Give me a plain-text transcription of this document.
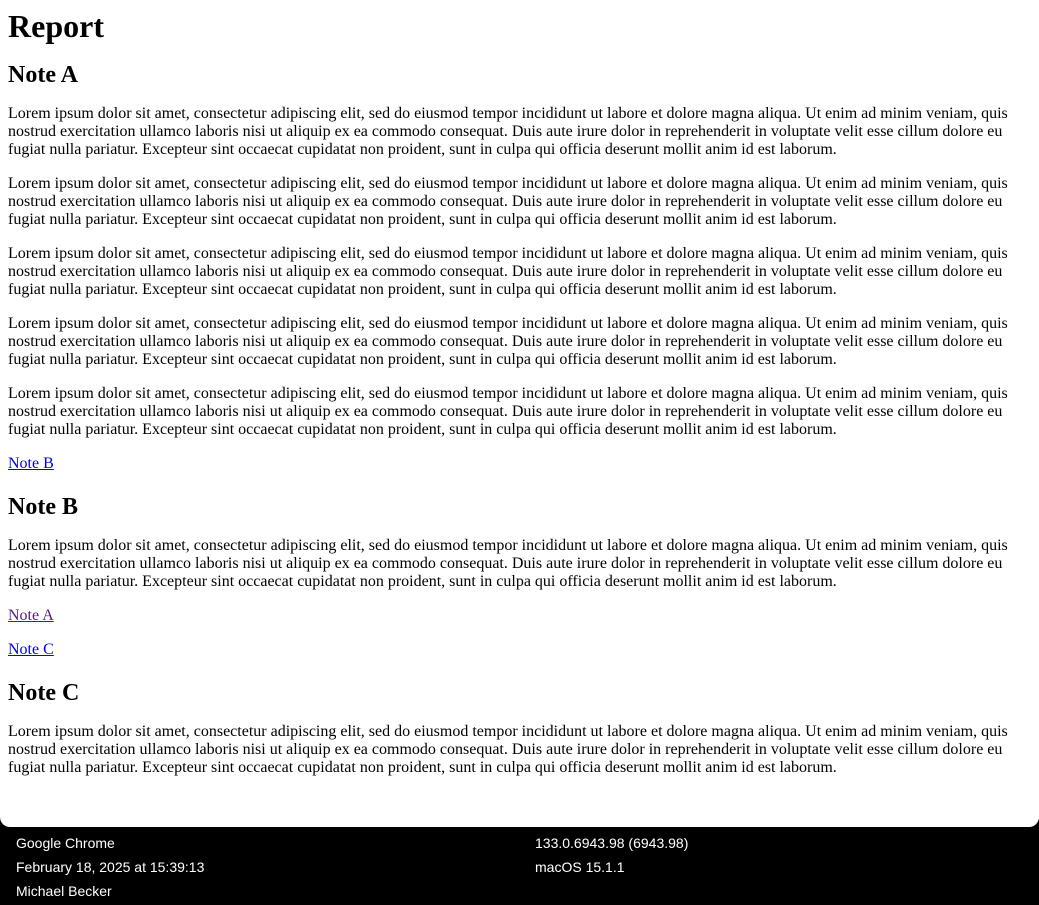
Report
Note A

Lorem ipsum dolor sit amet, consectetur adipiscing elit, sed do eiusmod tempor incididunt ut labore et dolore magna aliqua. Ut enim ad minim veniam, quis nostrud exercitation ullamco laboris nisi ut aliquip ex ea commodo consequat. Duis aute irure dolor in reprehenderit in voluptate velit esse cillum dolore eu fugiat nulla pariatur. Excepteur sint occaecat cupidatat non proident, sunt in culpa qui officia deserunt mollit anim id est laborum.

Lorem ipsum dolor sit amet, consectetur adipiscing elit, sed do eiusmod tempor incididunt ut labore et dolore magna aliqua. Ut enim ad minim veniam, quis nostrud exercitation ullamco laboris nisi ut aliquip ex ea commodo consequat. Duis aute irure dolor in reprehenderit in voluptate velit esse cillum dolore eu fugiat nulla pariatur. Excepteur sint occaecat cupidatat non proident, sunt in culpa qui officia deserunt mollit anim id est laborum.

Lorem ipsum dolor sit amet, consectetur adipiscing elit, sed do eiusmod tempor incididunt ut labore et dolore magna aliqua. Ut enim ad minim veniam, quis nostrud exercitation ullamco laboris nisi ut aliquip ex ea commodo consequat. Duis aute irure dolor in reprehenderit in voluptate velit esse cillum dolore eu fugiat nulla pariatur. Excepteur sint occaecat cupidatat non proident, sunt in culpa qui officia deserunt mollit anim id est laborum.

Lorem ipsum dolor sit amet, consectetur adipiscing elit, sed do eiusmod tempor incididunt ut labore et dolore magna aliqua. Ut enim ad minim veniam, quis nostrud exercitation ullamco laboris nisi ut aliquip ex ea commodo consequat. Duis aute irure dolor in reprehenderit in voluptate velit esse cillum dolore eu fugiat nulla pariatur. Excepteur sint occaecat cupidatat non proident, sunt in culpa qui officia deserunt mollit anim id est laborum.

Lorem ipsum dolor sit amet, consectetur adipiscing elit, sed do eiusmod tempor incididunt ut labore et dolore magna aliqua. Ut enim ad minim veniam, quis nostrud exercitation ullamco laboris nisi ut aliquip ex ea commodo consequat. Duis aute irure dolor in reprehenderit in voluptate velit esse cillum dolore eu fugiat nulla pariatur. Excepteur sint occaecat cupidatat non proident, sunt in culpa qui officia deserunt mollit anim id est laborum.

Note B

Note B

Lorem ipsum dolor sit amet, consectetur adipiscing elit, sed do eiusmod tempor incididunt ut labore et dolore magna aliqua. Ut enim ad minim veniam, quis nostrud exercitation ullamco laboris nisi ut aliquip ex ea commodo consequat. Duis aute irure dolor in reprehenderit in voluptate velit esse cillum dolore eu fugiat nulla pariatur. Excepteur sint occaecat cupidatat non proident, sunt in culpa qui officia deserunt mollit anim id est laborum.

Note A

Note C

Note C

Lorem ipsum dolor sit amet, consectetur adipiscing elit, sed do eiusmod tempor incididunt ut labore et dolore magna aliqua. Ut enim ad minim veniam, quis nostrud exercitation ullamco laboris nisi ut aliquip ex ea commodo consequat. Duis aute irure dolor in reprehenderit in voluptate velit esse cillum dolore eu fugiat nulla pariatur. Excepteur sint occaecat cupidatat non proident, sunt in culpa qui officia deserunt mollit anim id est laborum.

Google Chrome
February 18, 2025 at 15:39:13
Michael Becker
133.0.6943.98 (6943.98)
macOS 15.1.1
